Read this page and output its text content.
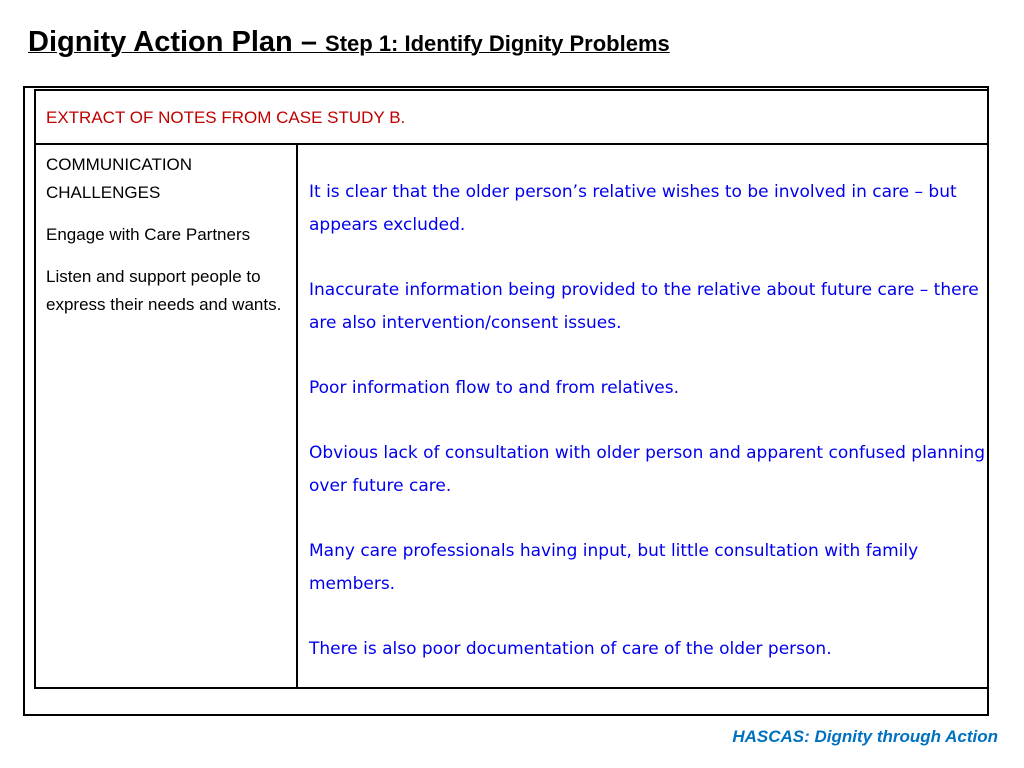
Dignity Action Plan – Step 1: Identify Dignity Problems
EXTRACT OF NOTES FROM CASE STUDY B.

COMMUNICATION CHALLENGES

Engage with Care Partners

Listen and support people to express their needs and wants.

It is clear that the older person’s relative wishes to be involved in care – but appears excluded.

Inaccurate information being provided to the relative about future care – there are also intervention/consent issues.

Poor information flow to and from relatives.

Obvious lack of consultation with older person and apparent confused planning over future care.

Many care professionals having input, but little consultation with family members.

There is also poor documentation of care of the older person.

HASCAS: Dignity through Action
